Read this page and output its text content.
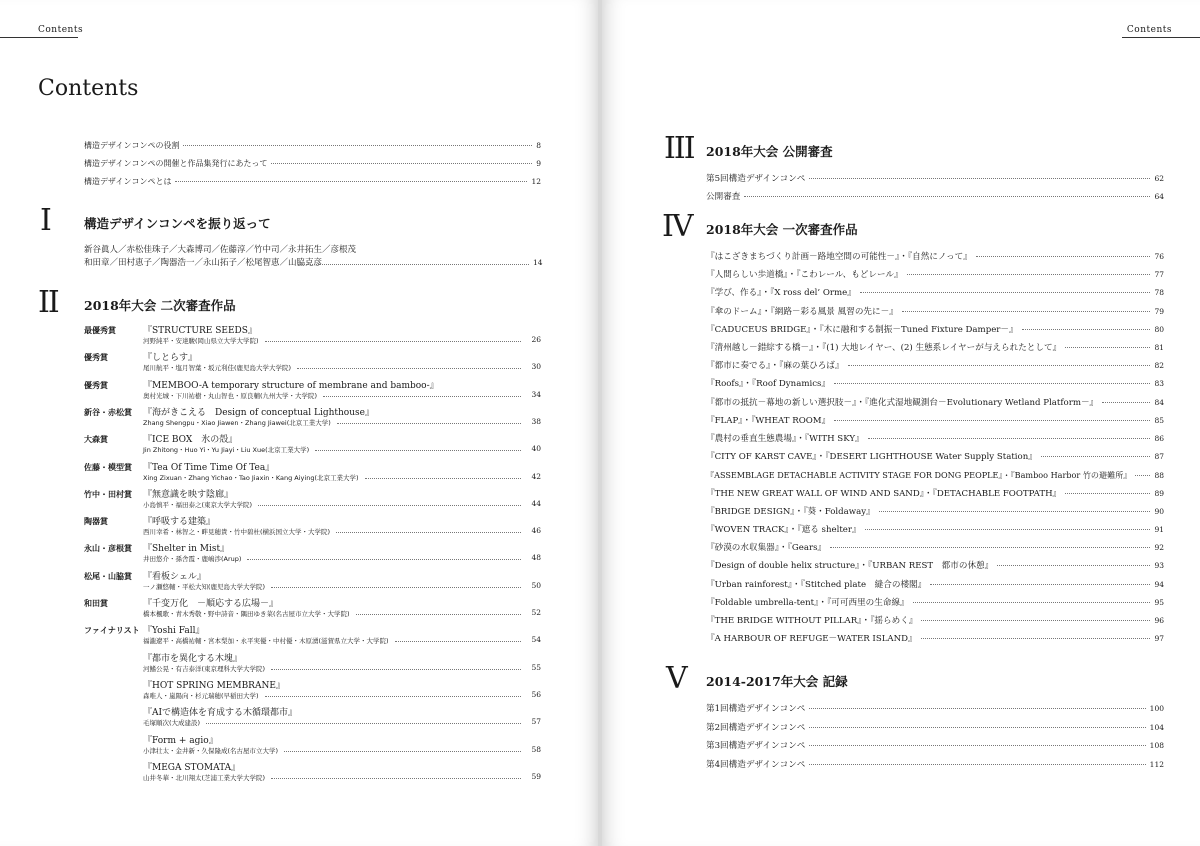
Contents
Contents
構造デザインコンペの役割	8
構造デザインコンペの開催と作品集発行にあたって	9
構造デザインコンペとは	12
I	構造デザインコンペを振り返って
新谷眞人／赤松佳珠子／大森博司／佐藤淳／竹中司／永井拓生／彦根茂
和田章／田村恵子／陶器浩一／永山拓子／松尾智恵／山脇克彦	14
II 2018年大会 二次審査作品
最優秀賞	『STRUCTURE SEEDS』
河野純平・安達駿(岡山県立大学大学院)	26
優秀賞	『しとらす』
尾川航平・塩月智葉・坂元利佳(鹿児島大学大学院)	30
優秀賞	『MEMBOO-A temporary structure of membrane and bamboo-』
奥村光城・下川祐樹・丸山智也・原良輔(九州大学・大学院)	34
新谷・赤松賞 『海がきこえる　Design of conceptual Lighthouse』
Zhang Shengpu・Xiao Jiawen・Zhang Jiawei(北京工業大学)	38
大森賞	『ICE BOX　氷の殻』
Jin Zhitong・Huo Yi・Yu Jiayi・Liu Xue(北京工業大学)	40
佐藤・模型賞 『Tea Of Time Time Of Tea』
Xing Zixuan・Zhang Yichao・Tao Jiaxin・Kang Aiying(北京工業大学)	42
竹中・田村賞 『無意識を映す陰廊』
小島慎平・福田泰之(東京大学大学院)	44
陶器賞	『呼吸する建築』
西川幸希・林智之・畔見穂貴・竹中碧杜(横浜国立大学・大学院)	46
永山・彦根賞 『Shelter in Mist』
井田悠介・孫舎霞・鹿嶋渉(Arup)	48
松尾・山脇賞 『看板シェル』
一ノ瀬悠輔・平松大知(鹿児島大学大学院)	50
和田賞	『千变万化　－順応する広場－』
橋本楓歌・青木秀敬・野中詩音・隅田ゆき菜(名古屋市立大学・大学院)	52
ファイナリスト 『Yoshi Fall』
福瀧遼平・高橋祐輔・宮本梨加・永平実優・中村優・木原湧(滋賀県立大学・大学院)	54
『都市を異化する木塊』
河鰭公晃・有吉泰洋(東京理科大学大学院)	55
『HOT SPRING MEMBRANE』
森唯人・嵐陽向・杉元瑞穂(早稲田大学)	56
『AIで構造体を育成する木循環都市』
毛塚順次(大成建設)	57
『Form + agio』
小津壮太・金井新・久保隆成(名古屋市立大学)	58
『MEGA STOMATA』
山井冬華・北川翔太(芝浦工業大学大学院)	59
Contents
III 2018年大会 公開審査
第5回構造デザインコンペ	62
公開審査	64
IV 2018年大会 一次審査作品
『はこざきまちづくり計画－路地空間の可能性－』・『自然にノって』	76
『人間らしい歩道橋』・『こわレール、もどレール』	77
『学び、作る』・『X ross del’ Orme』	78
『傘のドーム』・『網路－彩る風景 風習の先に－』	79
『CADUCEUS BRIDGE』・『木に融和する制振－Tuned Fixture Damper－』	80
『清州越し－錯綜する橋－』・『(1) 大地レイヤー、(2) 生態系レイヤーが与えられたとして』	81
『都市に奏でる』・『麻の葉ひろば』	82
『Roofs』・『Roof Dynamics』	83
『都市の抵抗－幕地の新しい選択肢－』・『進化式湿地観測台－Evolutionary Wetland Platform－』	84
『FLAP』・『WHEAT ROOM』	85
『農村の垂直生態農場』・『WITH SKY』	86
『CITY OF KARST CAVE』・『DESERT LIGHTHOUSE Water Supply Station』	87
『ASSEMBLAGE DETACHABLE ACTIVITY STAGE FOR DONG PEOPLE』・『Bamboo Harbor 竹の避難所』	88
『THE NEW GREAT WALL OF WIND AND SAND』・『DETACHABLE FOOTPATH』	89
『BRIDGE DESIGN』・『葵・Foldaway』	90
『WOVEN TRACK』・『遮る shelter』	91
『砂漠の水収集器』・『Gears』	92
『Design of double helix structure』・『URBAN REST　都市の休憩』	93
『Urban rainforest』・『Stitched plate　縫合の楼閣』	94
『Foldable umbrella-tent』・『可可西里の生命線』	95
『THE BRIDGE WITHOUT PILLAR』・『揺らめく』	96
『A HARBOUR OF REFUGE－WATER ISLAND』	97
V 2014-2017年大会 記録
第1回構造デザインコンペ	100
第2回構造デザインコンペ	104
第3回構造デザインコンペ	108
第4回構造デザインコンペ	112
